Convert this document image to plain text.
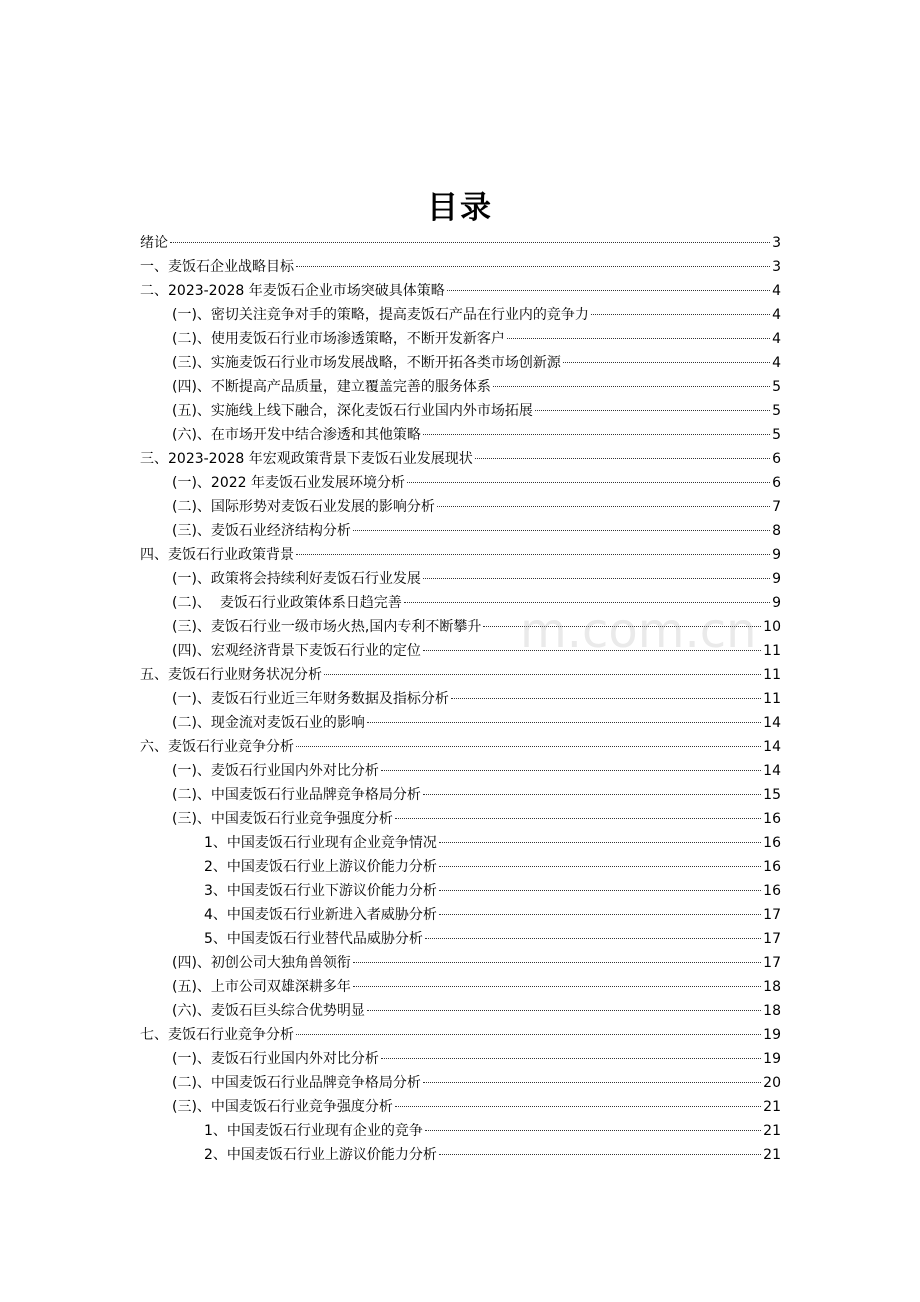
目录
绪论	3
一、麦饭石企业战略目标	3
二、2023-2028 年麦饭石企业市场突破具体策略	4
(一)、密切关注竞争对手的策略，提高麦饭石产品在行业内的竞争力	4
(二)、使用麦饭石行业市场渗透策略，不断开发新客户	4
(三)、实施麦饭石行业市场发展战略，不断开拓各类市场创新源	4
(四)、不断提高产品质量，建立覆盖完善的服务体系	5
(五)、实施线上线下融合，深化麦饭石行业国内外市场拓展	5
(六)、在市场开发中结合渗透和其他策略	5
三、2023-2028 年宏观政策背景下麦饭石业发展现状	6
(一)、2022 年麦饭石业发展环境分析	6
(二)、国际形势对麦饭石业发展的影响分析	7
(三)、麦饭石业经济结构分析	8
四、麦饭石行业政策背景	9
(一)、政策将会持续利好麦饭石行业发展	9
(二)、  麦饭石行业政策体系日趋完善	9
(三)、麦饭石行业一级市场火热,国内专利不断攀升	10
(四)、宏观经济背景下麦饭石行业的定位	11
五、麦饭石行业财务状况分析	11
(一)、麦饭石行业近三年财务数据及指标分析	11
(二)、现金流对麦饭石业的影响	14
六、麦饭石行业竞争分析	14
(一)、麦饭石行业国内外对比分析	14
(二)、中国麦饭石行业品牌竞争格局分析	15
(三)、中国麦饭石行业竞争强度分析	16
1、中国麦饭石行业现有企业竞争情况	16
2、中国麦饭石行业上游议价能力分析	16
3、中国麦饭石行业下游议价能力分析	16
4、中国麦饭石行业新进入者威胁分析	17
5、中国麦饭石行业替代品威胁分析	17
(四)、初创公司大独角兽领衔	17
(五)、上市公司双雄深耕多年	18
(六)、麦饭石巨头综合优势明显	18
七、麦饭石行业竞争分析	19
(一)、麦饭石行业国内外对比分析	19
(二)、中国麦饭石行业品牌竞争格局分析	20
(三)、中国麦饭石行业竞争强度分析	21
1、中国麦饭石行业现有企业的竞争	21
2、中国麦饭石行业上游议价能力分析	21
m.com.cn
